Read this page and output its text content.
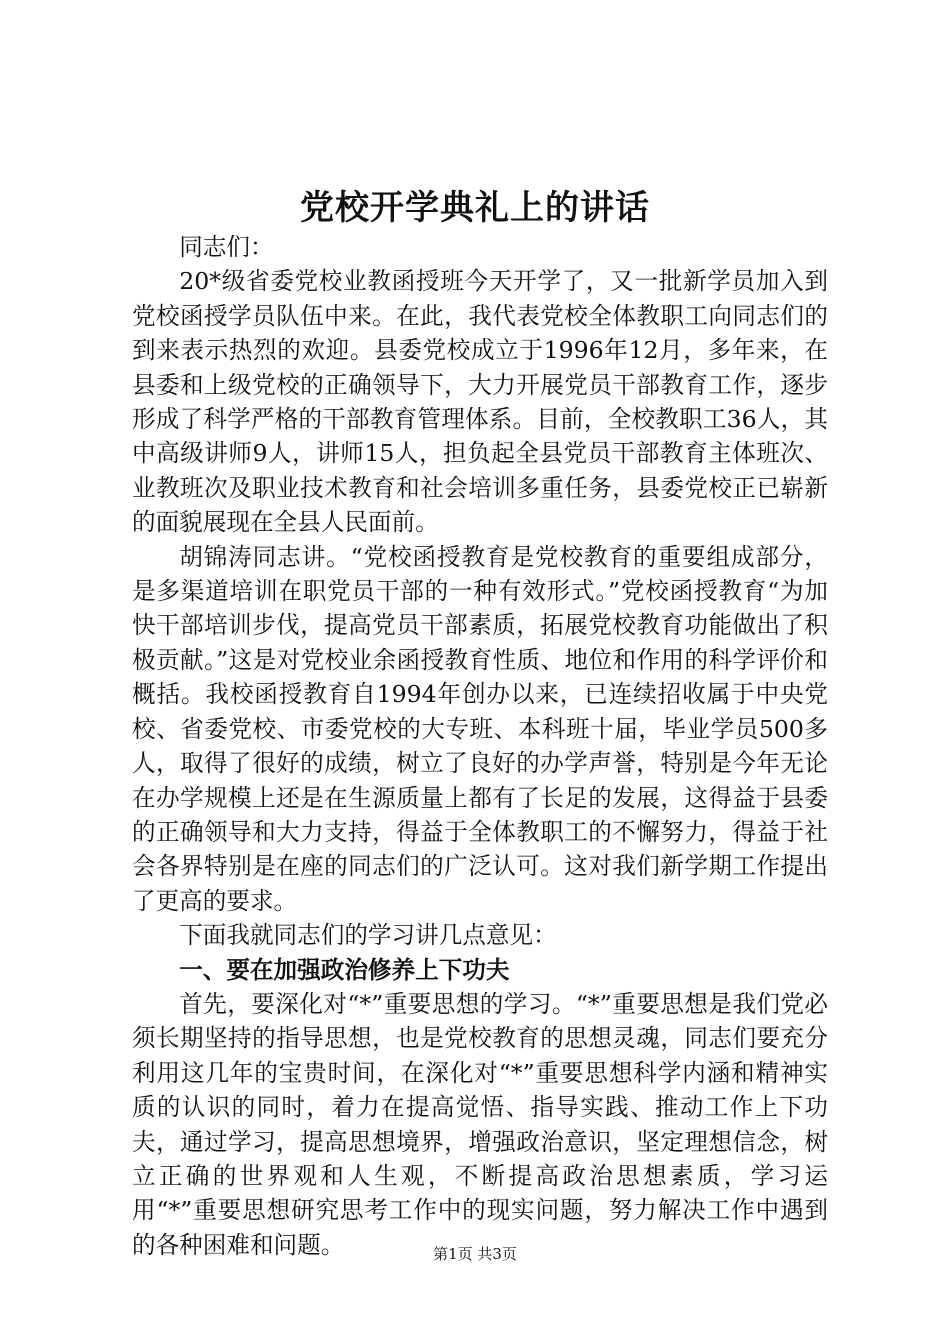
党校开学典礼上的讲话

同志们：

20*级省委党校业教函授班今天开学了，又一批新学员加入到党校函授学员队伍中来。在此，我代表党校全体教职工向同志们的到来表示热烈的欢迎。县委党校成立于1996年12月，多年来，在县委和上级党校的正确领导下，大力开展党员干部教育工作，逐步形成了科学严格的干部教育管理体系。目前，全校教职工36人，其中高级讲师9人，讲师15人，担负起全县党员干部教育主体班次、业教班次及职业技术教育和社会培训多重任务，县委党校正已崭新的面貌展现在全县人民面前。

胡锦涛同志讲。“党校函授教育是党校教育的重要组成部分，是多渠道培训在职党员干部的一种有效形式。”党校函授教育“为加快干部培训步伐，提高党员干部素质，拓展党校教育功能做出了积极贡献。”这是对党校业余函授教育性质、地位和作用的科学评价和概括。我校函授教育自1994年创办以来，已连续招收属于中央党校、省委党校、市委党校的大专班、本科班十届，毕业学员500多人，取得了很好的成绩，树立了良好的办学声誉，特别是今年无论在办学规模上还是在生源质量上都有了长足的发展，这得益于县委的正确领导和大力支持，得益于全体教职工的不懈努力，得益于社会各界特别是在座的同志们的广泛认可。这对我们新学期工作提出了更高的要求。

下面我就同志们的学习讲几点意见：

一、要在加强政治修养上下功夫

首先，要深化对“*”重要思想的学习。“*”重要思想是我们党必须长期坚持的指导思想，也是党校教育的思想灵魂，同志们要充分利用这几年的宝贵时间，在深化对“*”重要思想科学内涵和精神实质的认识的同时，着力在提高觉悟、指导实践、推动工作上下功夫，通过学习，提高思想境界，增强政治意识，坚定理想信念，树立正确的世界观和人生观，不断提高政治思想素质，学习运用“*”重要思想研究思考工作中的现实问题，努力解决工作中遇到的各种困难和问题。	第1页 共3页
